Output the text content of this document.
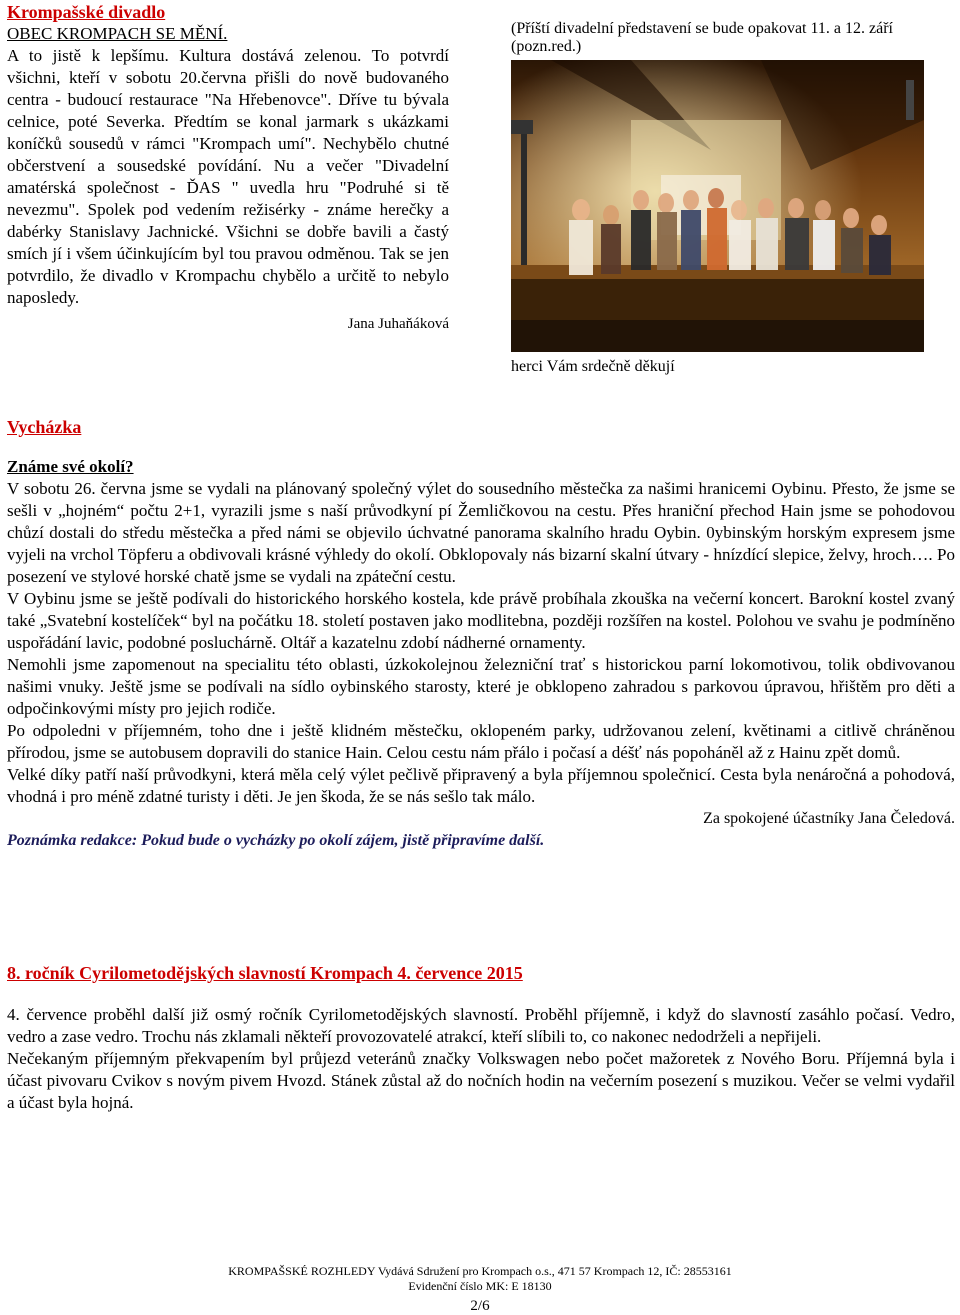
Krompašské divadlo
OBEC KROMPACH SE MĚNÍ.

A to jistě k lepšímu. Kultura dostává zelenou. To potvrdí všichni, kteří v sobotu 20.června přišli do nově budovaného centra - budoucí restaurace "Na Hřebenovce". Dříve tu bývala celnice, poté Severka. Předtím se konal jarmark s ukázkami koníčků sousedů v rámci "Krompach umí". Nechybělo chutné občerstvení a sousedské povídání. Nu a večer "Divadelní amatérská společnost - ĎAS " uvedla hru "Podruhé si tě nevezmu". Spolek pod vedením režisérky - známe herečky a dabérky Stanislavy Jachnické. Všichni se dobře bavili a častý smích jí i všem účinkujícím byl tou pravou odměnou. Tak se jen potvrdilo, že divadlo v Krompachu chybělo a určitě to nebylo naposledy.

Jana Juhaňáková
(Příští divadelní představení se bude opakovat 11. a 12. září (pozn.red.)
herci Vám srdečně děkují
Vycházka
Známe své okolí?

V sobotu 26. června jsme se vydali na plánovaný společný výlet do sousedního městečka za našimi hranicemi Oybinu. Přesto, že jsme se sešli v „hojném“ počtu 2+1, vyrazili jsme s naší průvodkyní pí Žemličkovou na cestu. Přes hraniční přechod Hain jsme se pohodovou chůzí dostali do středu městečka a před námi se objevilo úchvatné panorama skalního hradu Oybin. 0ybinským horským expresem jsme vyjeli na vrchol Töpferu a obdivovali krásné výhledy do okolí. Obklopovaly nás bizarní skalní útvary - hnízdící slepice, želvy, hroch…. Po posezení ve stylové horské chatě jsme se vydali na zpáteční cestu.

V Oybinu jsme se ještě podívali do historického horského kostela, kde právě probíhala zkouška na večerní koncert. Barokní kostel zvaný také „Svatební kostelíček“ byl na počátku 18. století postaven jako modlitebna, později rozšířen na kostel. Polohou ve svahu je podmíněno uspořádání lavic, podobné posluchárně. Oltář a kazatelnu zdobí nádherné ornamenty.

Nemohli jsme zapomenout na specialitu této oblasti, úzkokolejnou železniční trať s historickou parní lokomotivou, tolik obdivovanou našimi vnuky. Ještě jsme se podívali na sídlo oybinského starosty, které je obklopeno zahradou s parkovou úpravou, hřištěm pro děti a odpočinkovými místy pro jejich rodiče.

Po odpoledni v příjemném, toho dne i ještě klidném městečku, oklopeném parky, udržovanou zelení, květinami a citlivě chráněnou přírodou, jsme se autobusem dopravili do stanice Hain. Celou cestu nám přálo i počasí a déšť nás popoháněl až z Hainu zpět domů.

Velké díky patří naší průvodkyni, která měla celý výlet pečlivě připravený a byla příjemnou společnicí. Cesta byla nenáročná a pohodová, vhodná i pro méně zdatné turisty i děti. Je jen škoda, že se nás sešlo tak málo.

Za spokojené účastníky Jana Čeledová.
Poznámka redakce: Pokud bude o vycházky po okolí zájem, jistě připravíme další.
8. ročník Cyrilometodějských slavností Krompach 4. července 2015

4. července proběhl další již osmý ročník Cyrilometodějských slavností. Proběhl příjemně, i když do slavností zasáhlo počasí. Vedro, vedro a zase vedro. Trochu nás zklamali někteří provozovatelé atrakcí, kteří slíbili to, co nakonec nedodrželi a nepřijeli.

Nečekaným příjemným překvapením byl průjezd veteránů značky Volkswagen nebo počet mažoretek z Nového Boru. Příjemná byla i účast pivovaru Cvikov s novým pivem Hvozd. Stánek zůstal až do nočních hodin na večerním posezení s muzikou. Večer se velmi vydařil a účast byla hojná.

KROMPAŠSKÉ ROZHLEDY Vydává Sdružení pro Krompach o.s., 471 57 Krompach 12, IČ: 28553161
Evidenční číslo MK: E 18130
2/6
